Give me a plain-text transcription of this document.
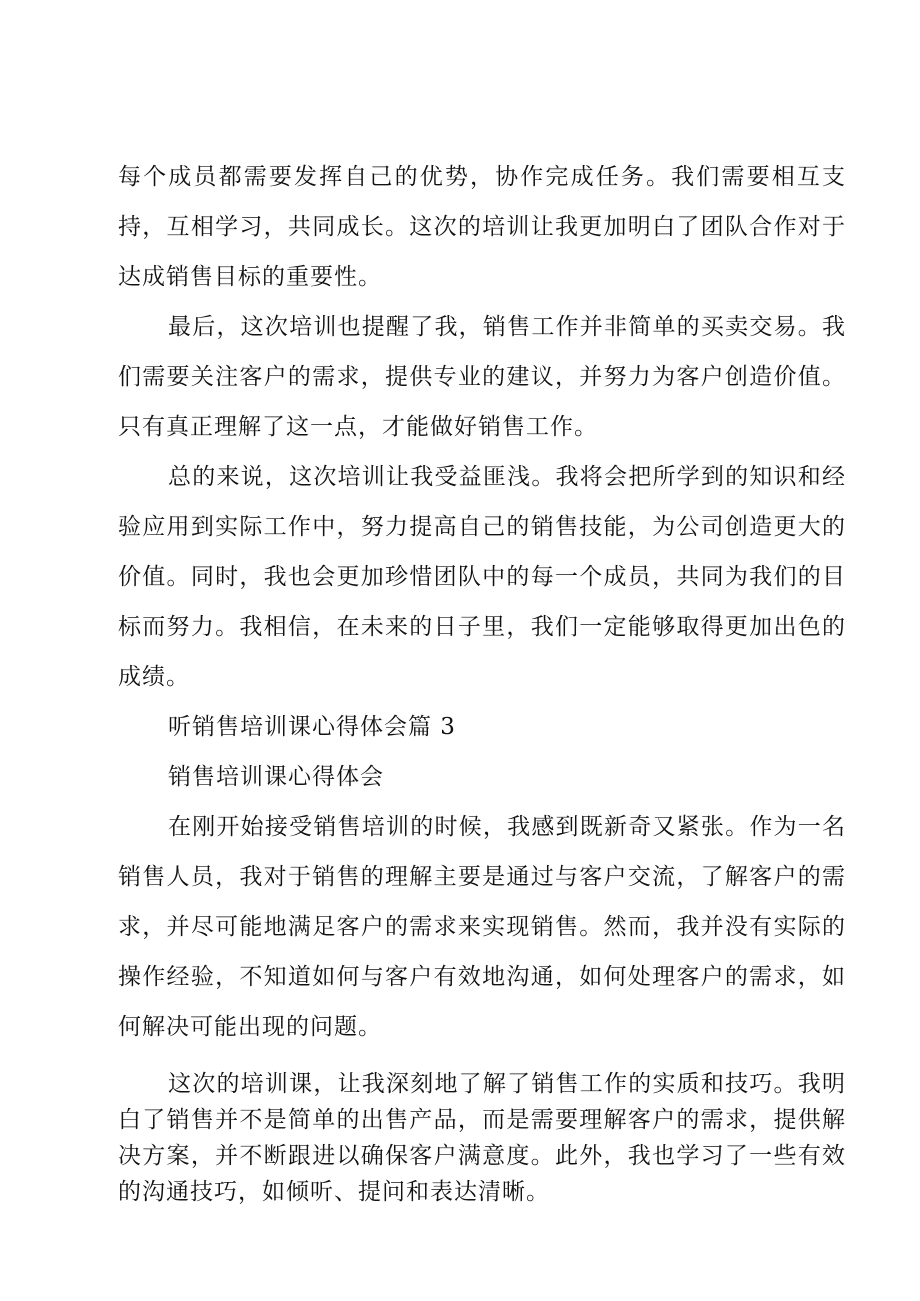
每个成员都需要发挥自己的优势，协作完成任务。我们需要相互支持，互相学习，共同成长。这次的培训让我更加明白了团队合作对于达成销售目标的重要性。

最后，这次培训也提醒了我，销售工作并非简单的买卖交易。我们需要关注客户的需求，提供专业的建议，并努力为客户创造价值。只有真正理解了这一点，才能做好销售工作。

总的来说，这次培训让我受益匪浅。我将会把所学到的知识和经验应用到实际工作中，努力提高自己的销售技能，为公司创造更大的价值。同时，我也会更加珍惜团队中的每一个成员，共同为我们的目标而努力。我相信，在未来的日子里，我们一定能够取得更加出色的成绩。

听销售培训课心得体会篇 3

销售培训课心得体会

在刚开始接受销售培训的时候，我感到既新奇又紧张。作为一名销售人员，我对于销售的理解主要是通过与客户交流，了解客户的需求，并尽可能地满足客户的需求来实现销售。然而，我并没有实际的操作经验，不知道如何与客户有效地沟通，如何处理客户的需求，如何解决可能出现的问题。

这次的培训课，让我深刻地了解了销售工作的实质和技巧。我明白了销售并不是简单的出售产品，而是需要理解客户的需求，提供解决方案，并不断跟进以确保客户满意度。此外，我也学习了一些有效的沟通技巧，如倾听、提问和表达清晰。
